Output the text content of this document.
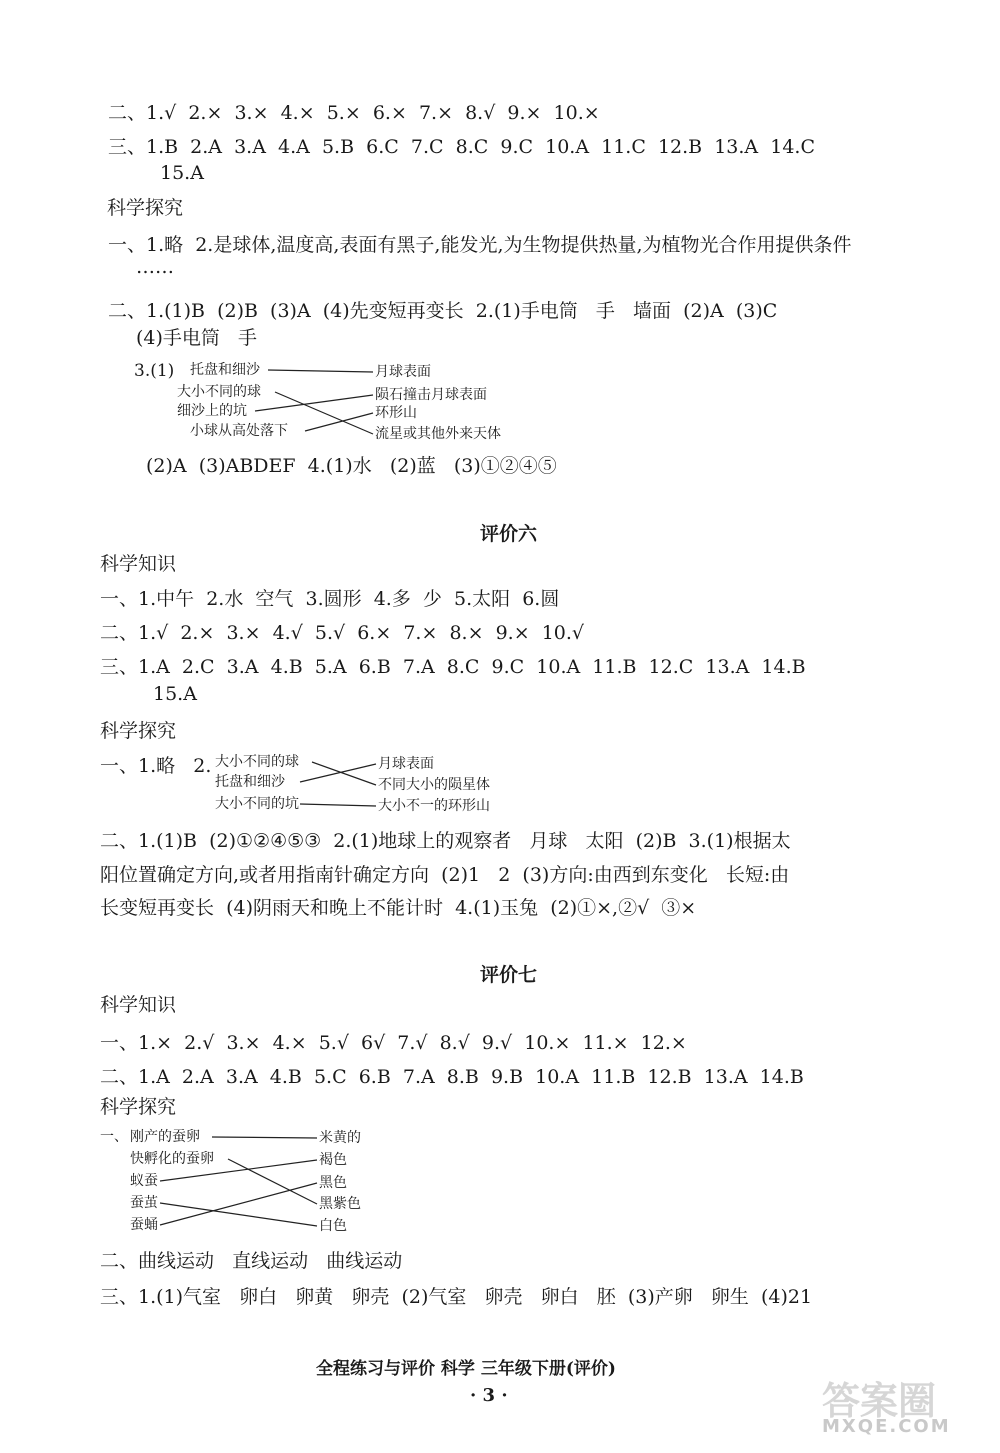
二、1.√  2.×  3.×  4.×  5.×  6.×  7.×  8.√  9.×  10.×
三、1.B  2.A  3.A  4.A  5.B  6.C  7.C  8.C  9.C  10.A  11.C  12.B  13.A  14.C
15.A
科学探究
一、1.略  2.是球体,温度高,表面有黑子,能发光,为生物提供热量,为植物光合作用提供条件
……
二、1.(1)B  (2)B  (3)A  (4)先变短再变长  2.(1)手电筒   手   墙面  (2)A  (3)C
(4)手电筒   手
3.(1) 托盘和细沙
大小不同的球
细沙上的坑
小球从高处落下
月球表面
陨石撞击月球表面
环形山
流星或其他外来天体
(2)A  (3)ABDEF  4.(1)水   (2)蓝   (3)①②④⑤
评价六
科学知识
一、1.中午  2.水  空气  3.圆形  4.多  少  5.太阳  6.圆
二、1.√  2.×  3.×  4.√  5.√  6.×  7.×  8.×  9.×  10.√
三、1.A  2.C  3.A  4.B  5.A  6.B  7.A  8.C  9.C  10.A  11.B  12.C  13.A  14.B
15.A
科学探究
一、1.略   2. 大小不同的球
托盘和细沙
大小不同的坑
月球表面
不同大小的陨星体
大小不一的环形山
二、1.(1)B  (2)①②④⑤③  2.(1)地球上的观察者   月球   太阳  (2)B  3.(1)根据太
阳位置确定方向,或者用指南针确定方向  (2)1   2  (3)方向:由西到东变化   长短:由
长变短再变长  (4)阴雨天和晚上不能计时  4.(1)玉兔  (2)①×,②√  ③×
评价七
科学知识
一、1.×  2.√  3.×  4.×  5.√  6√  7.√  8.√  9.√  10.×  11.×  12.×
二、1.A  2.A  3.A  4.B  5.C  6.B  7.A  8.B  9.B  10.A  11.B  12.B  13.A  14.B
科学探究
一、 刚产的蚕卵
快孵化的蚕卵
蚁蚕
蚕茧
蚕蛹
米黄的
褐色
黑色
黑紫色
白色
二、曲线运动   直线运动   曲线运动
三、1.(1)气室   卵白   卵黄   卵壳  (2)气室   卵壳   卵白   胚  (3)产卵   卵生  (4)21
全程练习与评价 科学 三年级下册(评价)
· 3 ·	答案圈
MXQE.COM
